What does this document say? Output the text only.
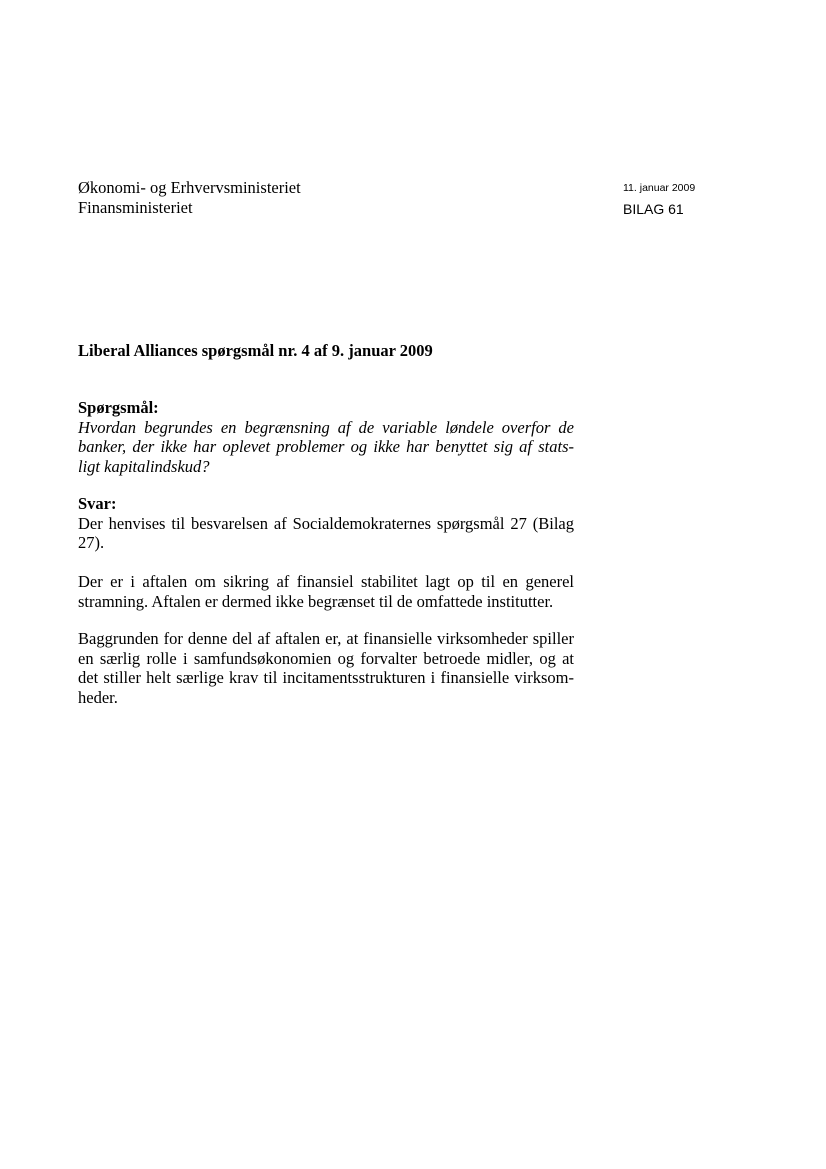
Økonomi- og Erhvervsministeriet
Finansministeriet
11. januar 2009
BILAG 61
Liberal Alliances spørgsmål nr. 4 af 9. januar 2009

Spørgsmål:

Hvordan begrundes en begrænsning af de variable løndele overfor de
banker, der ikke har oplevet problemer og ikke har benyttet sig af stats-
ligt kapitalindskud?

Svar:

Der henvises til besvarelsen af Socialdemokraternes spørgsmål 27 (Bilag
27).

Der er i aftalen om sikring af finansiel stabilitet lagt op til en generel
stramning. Aftalen er dermed ikke begrænset til de omfattede institutter.

Baggrunden for denne del af aftalen er, at finansielle virksomheder spiller
en særlig rolle i samfundsøkonomien og forvalter betroede midler, og at
det stiller helt særlige krav til incitamentsstrukturen i finansielle virksom-
heder.
